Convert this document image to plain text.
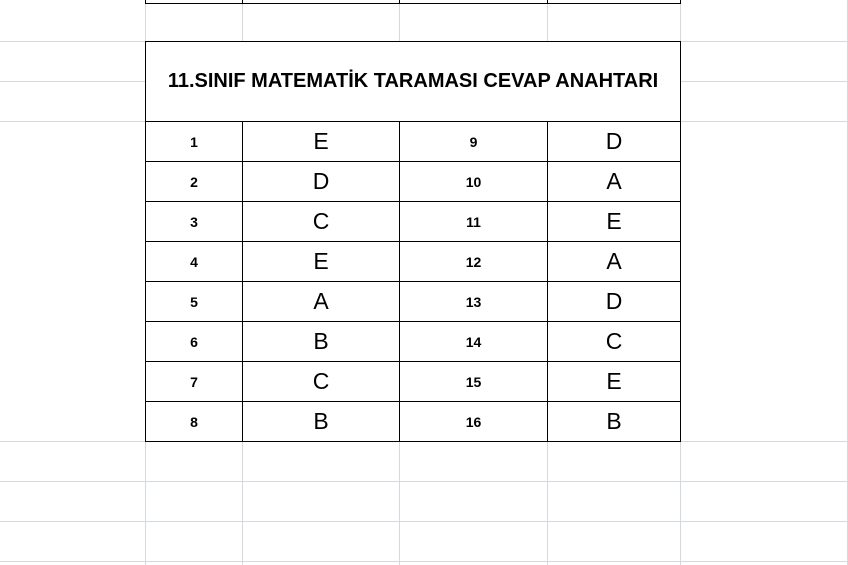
11.SINIF MATEMATİK TARAMASI CEVAP ANAHTARI			
1	E	9	D
2	D	10	A
3	C	11	E
4	E	12	A
5	A	13	D
6	B	14	C
7	C	15	E
8	B	16	B
